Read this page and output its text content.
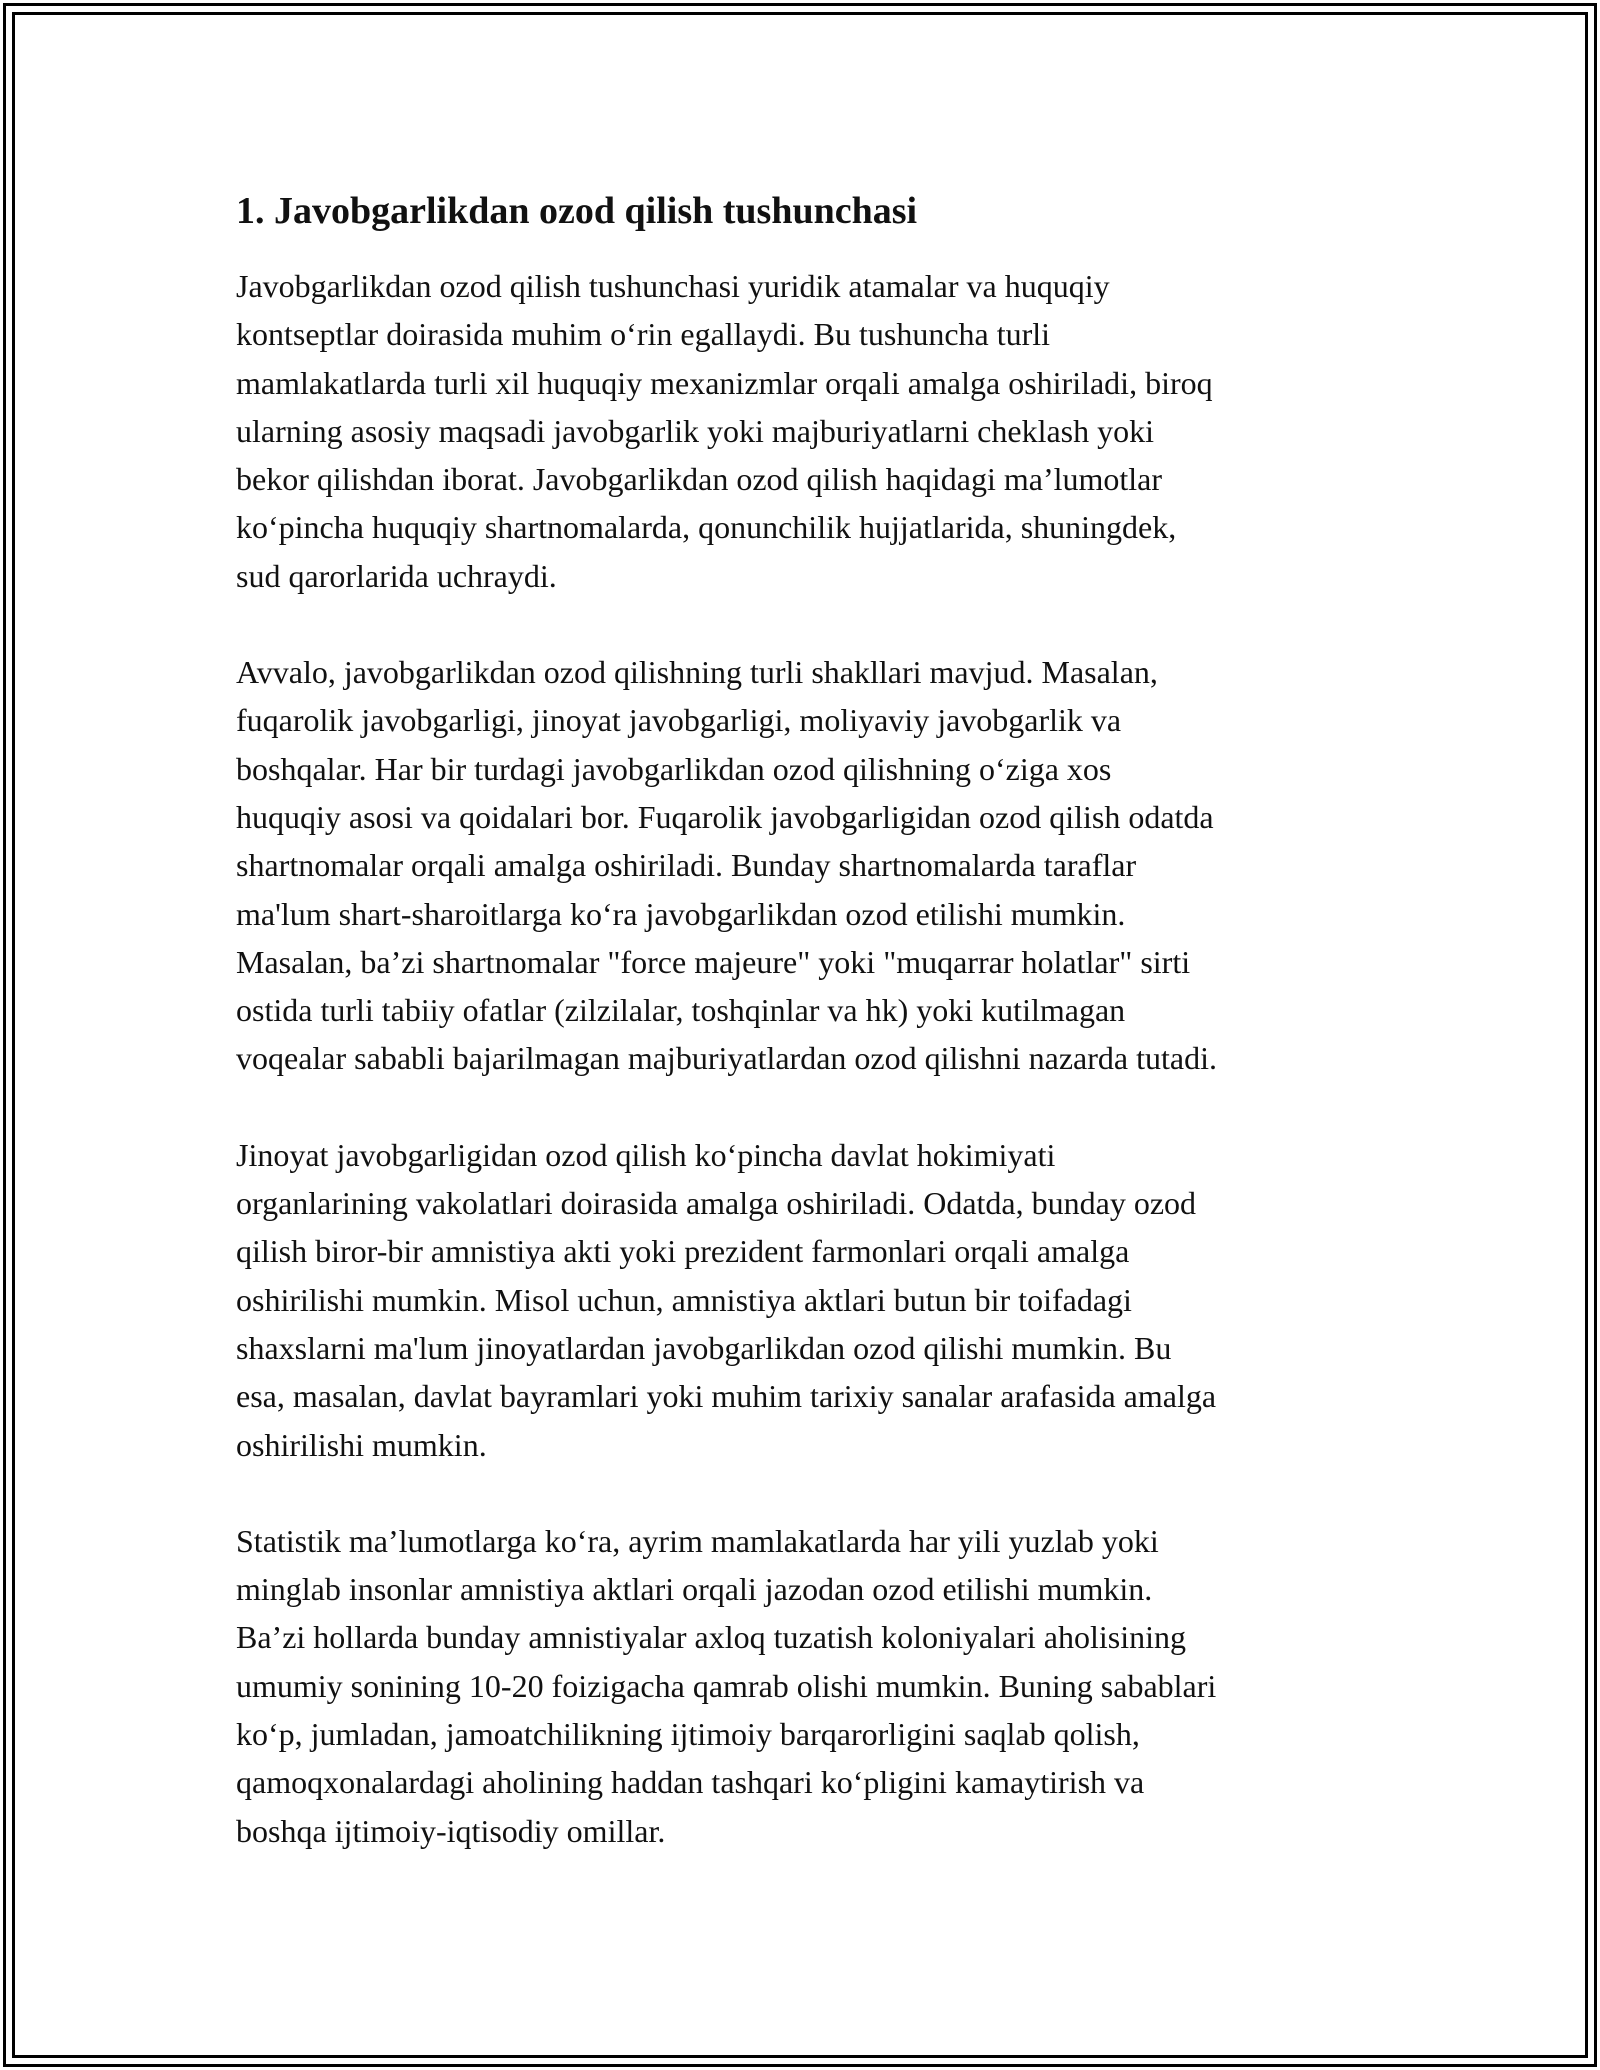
1. Javobgarlikdan ozod qilish tushunchasi

Javobgarlikdan ozod qilish tushunchasi yuridik atamalar va huquqiy
kontseptlar doirasida muhim o‘rin egallaydi. Bu tushuncha turli
mamlakatlarda turli xil huquqiy mexanizmlar orqali amalga oshiriladi, biroq
ularning asosiy maqsadi javobgarlik yoki majburiyatlarni cheklash yoki
bekor qilishdan iborat. Javobgarlikdan ozod qilish haqidagi ma’lumotlar
ko‘pincha huquqiy shartnomalarda, qonunchilik hujjatlarida, shuningdek,
sud qarorlarida uchraydi.

Avvalo, javobgarlikdan ozod qilishning turli shakllari mavjud. Masalan,
fuqarolik javobgarligi, jinoyat javobgarligi, moliyaviy javobgarlik va
boshqalar. Har bir turdagi javobgarlikdan ozod qilishning o‘ziga xos
huquqiy asosi va qoidalari bor. Fuqarolik javobgarligidan ozod qilish odatda
shartnomalar orqali amalga oshiriladi. Bunday shartnomalarda taraflar
ma'lum shart-sharoitlarga ko‘ra javobgarlikdan ozod etilishi mumkin.
Masalan, ba’zi shartnomalar "force majeure" yoki "muqarrar holatlar" sirti
ostida turli tabiiy ofatlar (zilzilalar, toshqinlar va hk) yoki kutilmagan
voqealar sababli bajarilmagan majburiyatlardan ozod qilishni nazarda tutadi.

Jinoyat javobgarligidan ozod qilish ko‘pincha davlat hokimiyati
organlarining vakolatlari doirasida amalga oshiriladi. Odatda, bunday ozod
qilish biror-bir amnistiya akti yoki prezident farmonlari orqali amalga
oshirilishi mumkin. Misol uchun, amnistiya aktlari butun bir toifadagi
shaxslarni ma'lum jinoyatlardan javobgarlikdan ozod qilishi mumkin. Bu
esa, masalan, davlat bayramlari yoki muhim tarixiy sanalar arafasida amalga
oshirilishi mumkin.

Statistik ma’lumotlarga ko‘ra, ayrim mamlakatlarda har yili yuzlab yoki
minglab insonlar amnistiya aktlari orqali jazodan ozod etilishi mumkin.
Ba’zi hollarda bunday amnistiyalar axloq tuzatish koloniyalari aholisining
umumiy sonining 10-20 foizigacha qamrab olishi mumkin. Buning sabablari
ko‘p, jumladan, jamoatchilikning ijtimoiy barqarorligini saqlab qolish,
qamoqxonalardagi aholining haddan tashqari ko‘pligini kamaytirish va
boshqa ijtimoiy-iqtisodiy omillar.
